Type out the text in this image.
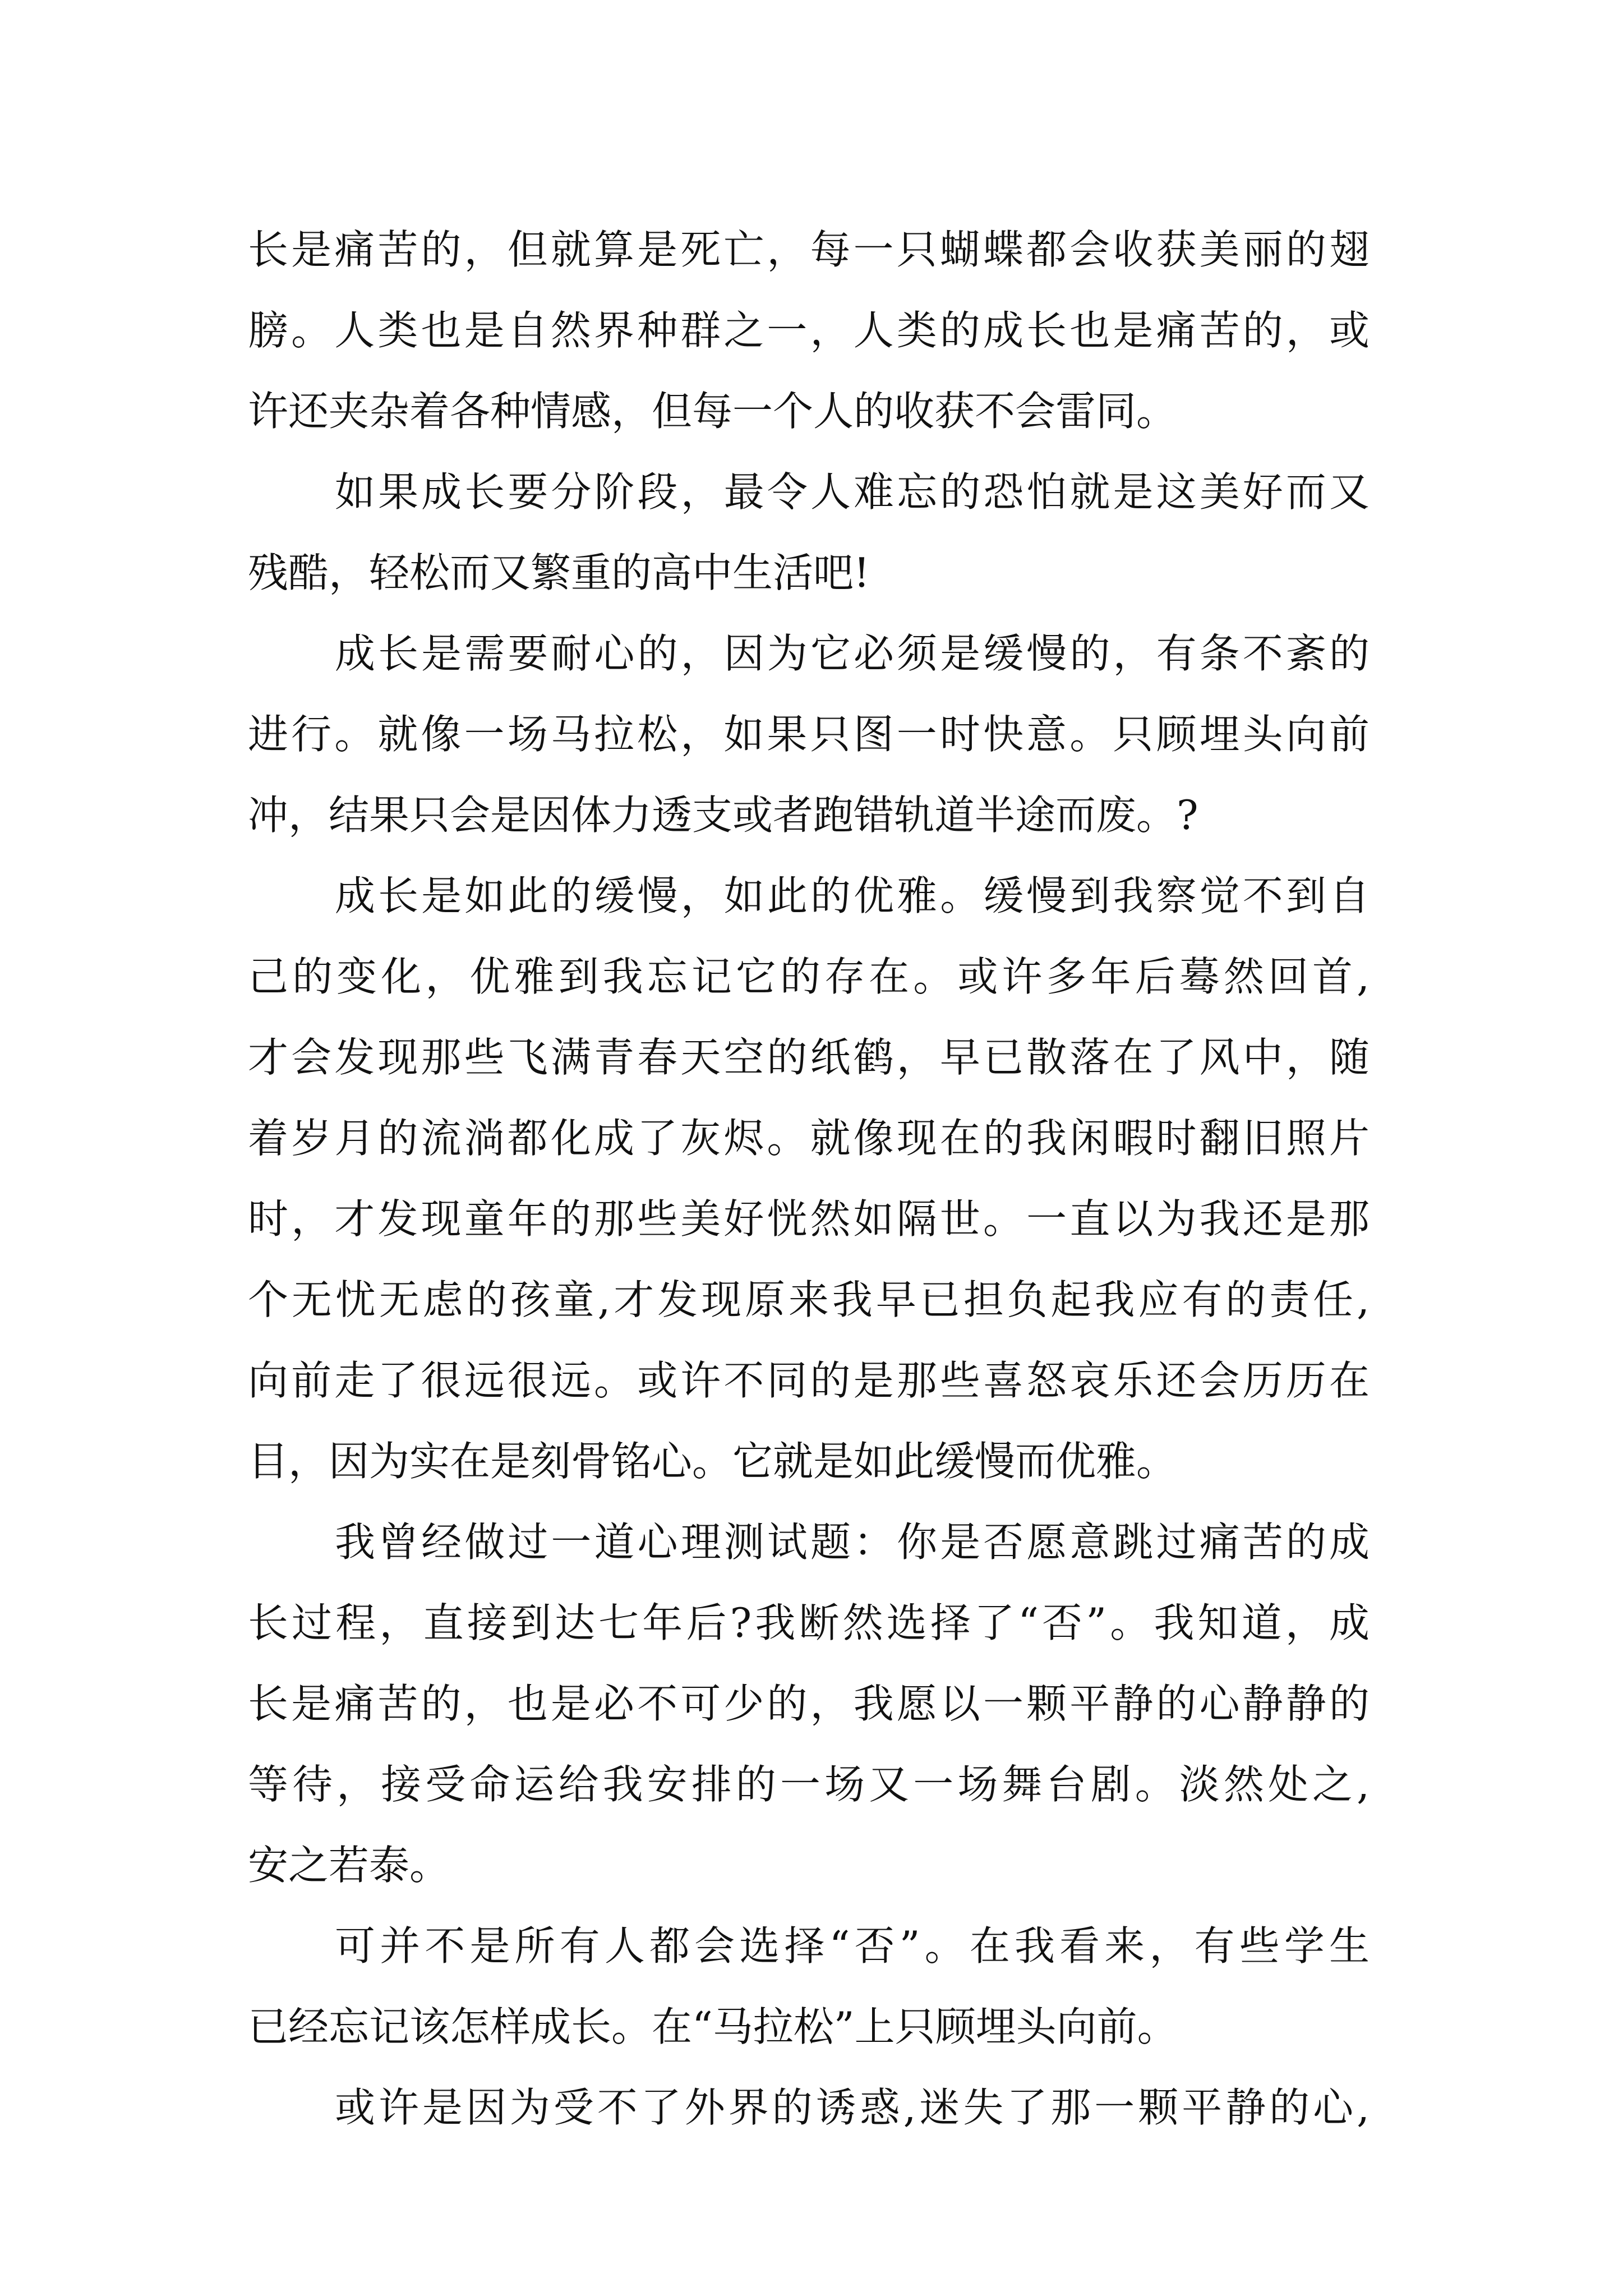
长是痛苦的，但就算是死亡，每一只蝴蝶都会收获美丽的翅
膀。人类也是自然界种群之一，人类的成长也是痛苦的，或
许还夹杂着各种情感，但每一个人的收获不会雷同。
如果成长要分阶段，最令人难忘的恐怕就是这美好而又
残酷，轻松而又繁重的高中生活吧!
成长是需要耐心的，因为它必须是缓慢的，有条不紊的
进行。就像一场马拉松，如果只图一时快意。只顾埋头向前
冲，结果只会是因体力透支或者跑错轨道半途而废。?
成长是如此的缓慢，如此的优雅。缓慢到我察觉不到自
己的变化，优雅到我忘记它的存在。或许多年后蓦然回首,
才会发现那些飞满青春天空的纸鹤，早已散落在了风中，随
着岁月的流淌都化成了灰烬。就像现在的我闲暇时翻旧照片
时，才发现童年的那些美好恍然如隔世。一直以为我还是那
个无忧无虑的孩童,才发现原来我早已担负起我应有的责任,
向前走了很远很远。或许不同的是那些喜怒哀乐还会历历在
目，因为实在是刻骨铭心。它就是如此缓慢而优雅。
我曾经做过一道心理测试题：你是否愿意跳过痛苦的成
长过程，直接到达七年后?我断然选择了“否”。我知道，成
长是痛苦的，也是必不可少的，我愿以一颗平静的心静静的
等待，接受命运给我安排的一场又一场舞台剧。淡然处之,
安之若泰。
可并不是所有人都会选择“否”。在我看来，有些学生
已经忘记该怎样成长。在“马拉松”上只顾埋头向前。
或许是因为受不了外界的诱惑,迷失了那一颗平静的心,
